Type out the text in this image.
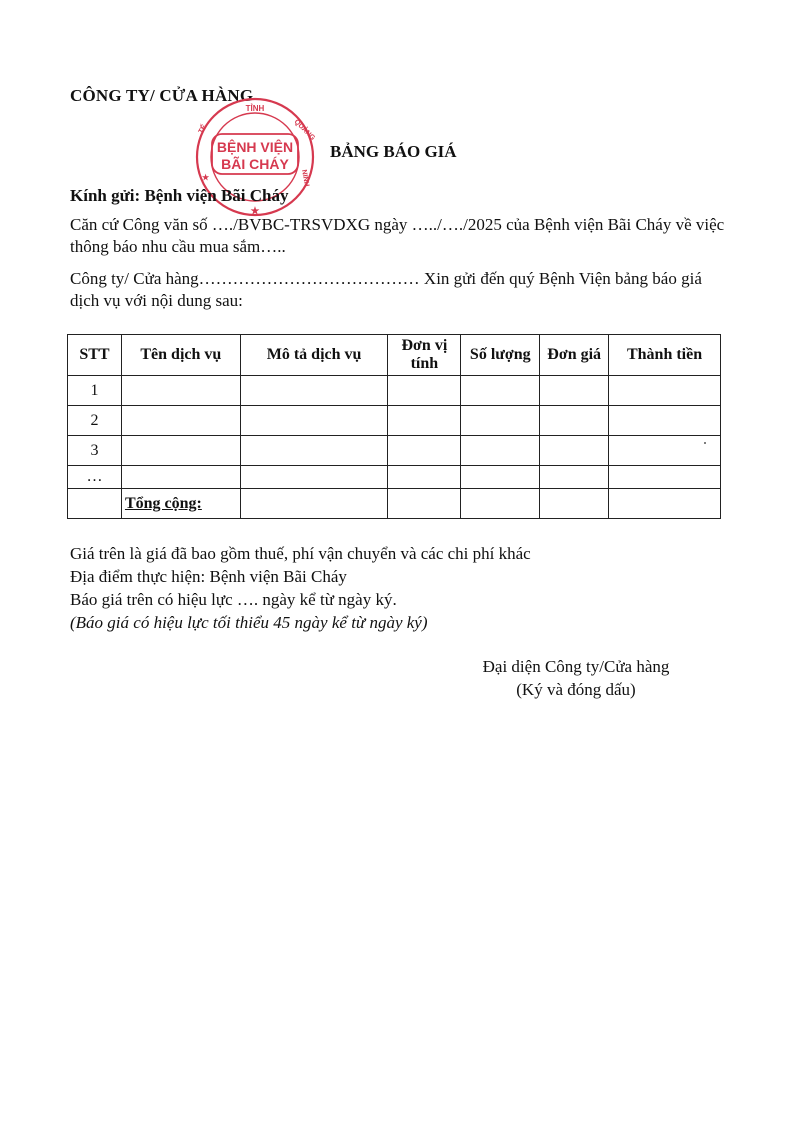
CÔNG TY/ CỬA HÀNG
BỆNH VIỆN
BÃI CHÁY
TỈNH
QUẢNG
NINH
TẾ
★
★
BẢNG BÁO GIÁ
Kính gửi: Bệnh viện Bãi Cháy
Căn cứ Công văn số …./BVBC-TRSVDXG ngày …../…./2025 của Bệnh viện Bãi Cháy về việc thông báo nhu cầu mua sắm…..
Công ty/ Cửa hàng………………………………… Xin gửi đến quý Bệnh Viện bảng báo giá dịch vụ với nội dung sau:
STT	Tên dịch vụ	Mô tả dịch vụ	Đơn vị tính	Số lượng	Đơn giá	Thành tiền
1						
2						
3						
…						
	Tổng cộng:					
Giá trên là giá đã bao gồm thuế, phí vận chuyển và các chi phí khác
Địa điểm thực hiện: Bệnh viện Bãi Cháy
Báo giá trên có hiệu lực …. ngày kể từ ngày ký.
(Báo giá có hiệu lực tối thiểu 45 ngày kể từ ngày ký)
Đại diện Công ty/Cửa hàng
(Ký và đóng dấu)
